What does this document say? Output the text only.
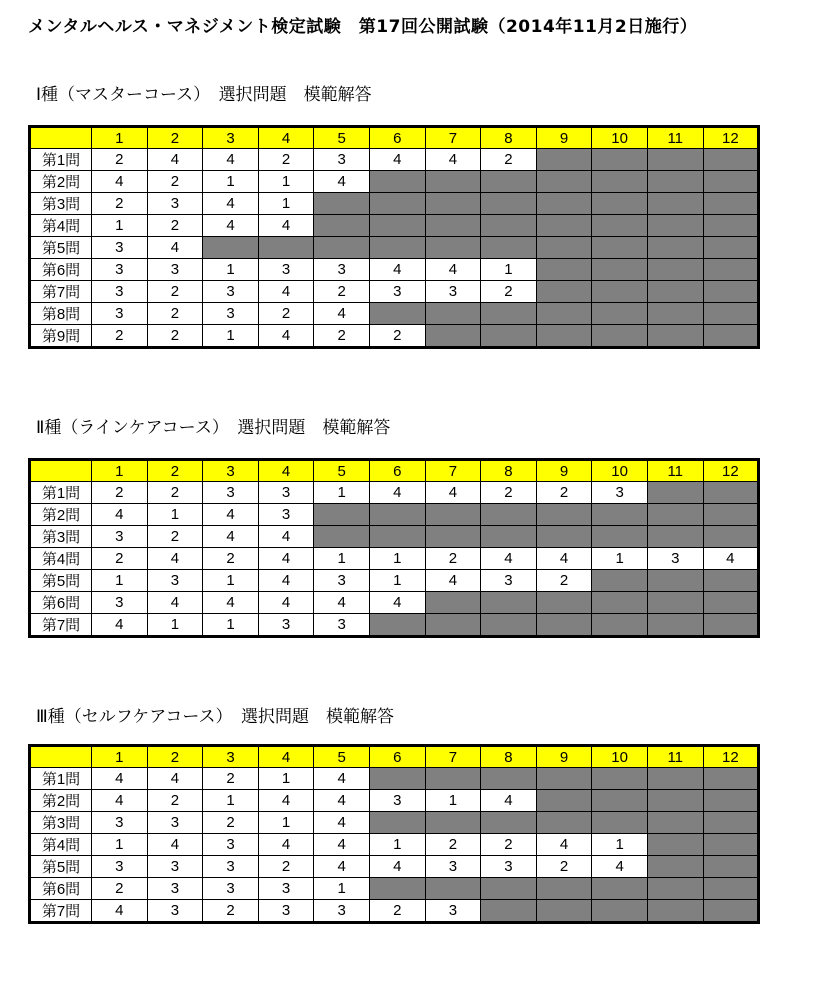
メンタルヘルス・マネジメント検定試験　第17回公開試験（2014年11月2日施行）
Ⅰ種（マスターコース）　選択問題　模範解答
	1	2	3	4	5	6	7	8	9	10	11	12
第1問	2	4	4	2	3	4	4	2				
第2問	4	2	1	1	4							
第3問	2	3	4	1								
第4問	1	2	4	4								
第5問	3	4										
第6問	3	3	1	3	3	4	4	1				
第7問	3	2	3	4	2	3	3	2				
第8問	3	2	3	2	4							
第9問	2	2	1	4	2	2						
Ⅱ種（ラインケアコース）　選択問題　模範解答
	1	2	3	4	5	6	7	8	9	10	11	12
第1問	2	2	3	3	1	4	4	2	2	3		
第2問	4	1	4	3								
第3問	3	2	4	4								
第4問	2	4	2	4	1	1	2	4	4	1	3	4
第5問	1	3	1	4	3	1	4	3	2			
第6問	3	4	4	4	4	4						
第7問	4	1	1	3	3							
Ⅲ種（セルフケアコース）　選択問題　模範解答
	1	2	3	4	5	6	7	8	9	10	11	12
第1問	4	4	2	1	4							
第2問	4	2	1	4	4	3	1	4				
第3問	3	3	2	1	4							
第4問	1	4	3	4	4	1	2	2	4	1		
第5問	3	3	3	2	4	4	3	3	2	4		
第6問	2	3	3	3	1							
第7問	4	3	2	3	3	2	3					
